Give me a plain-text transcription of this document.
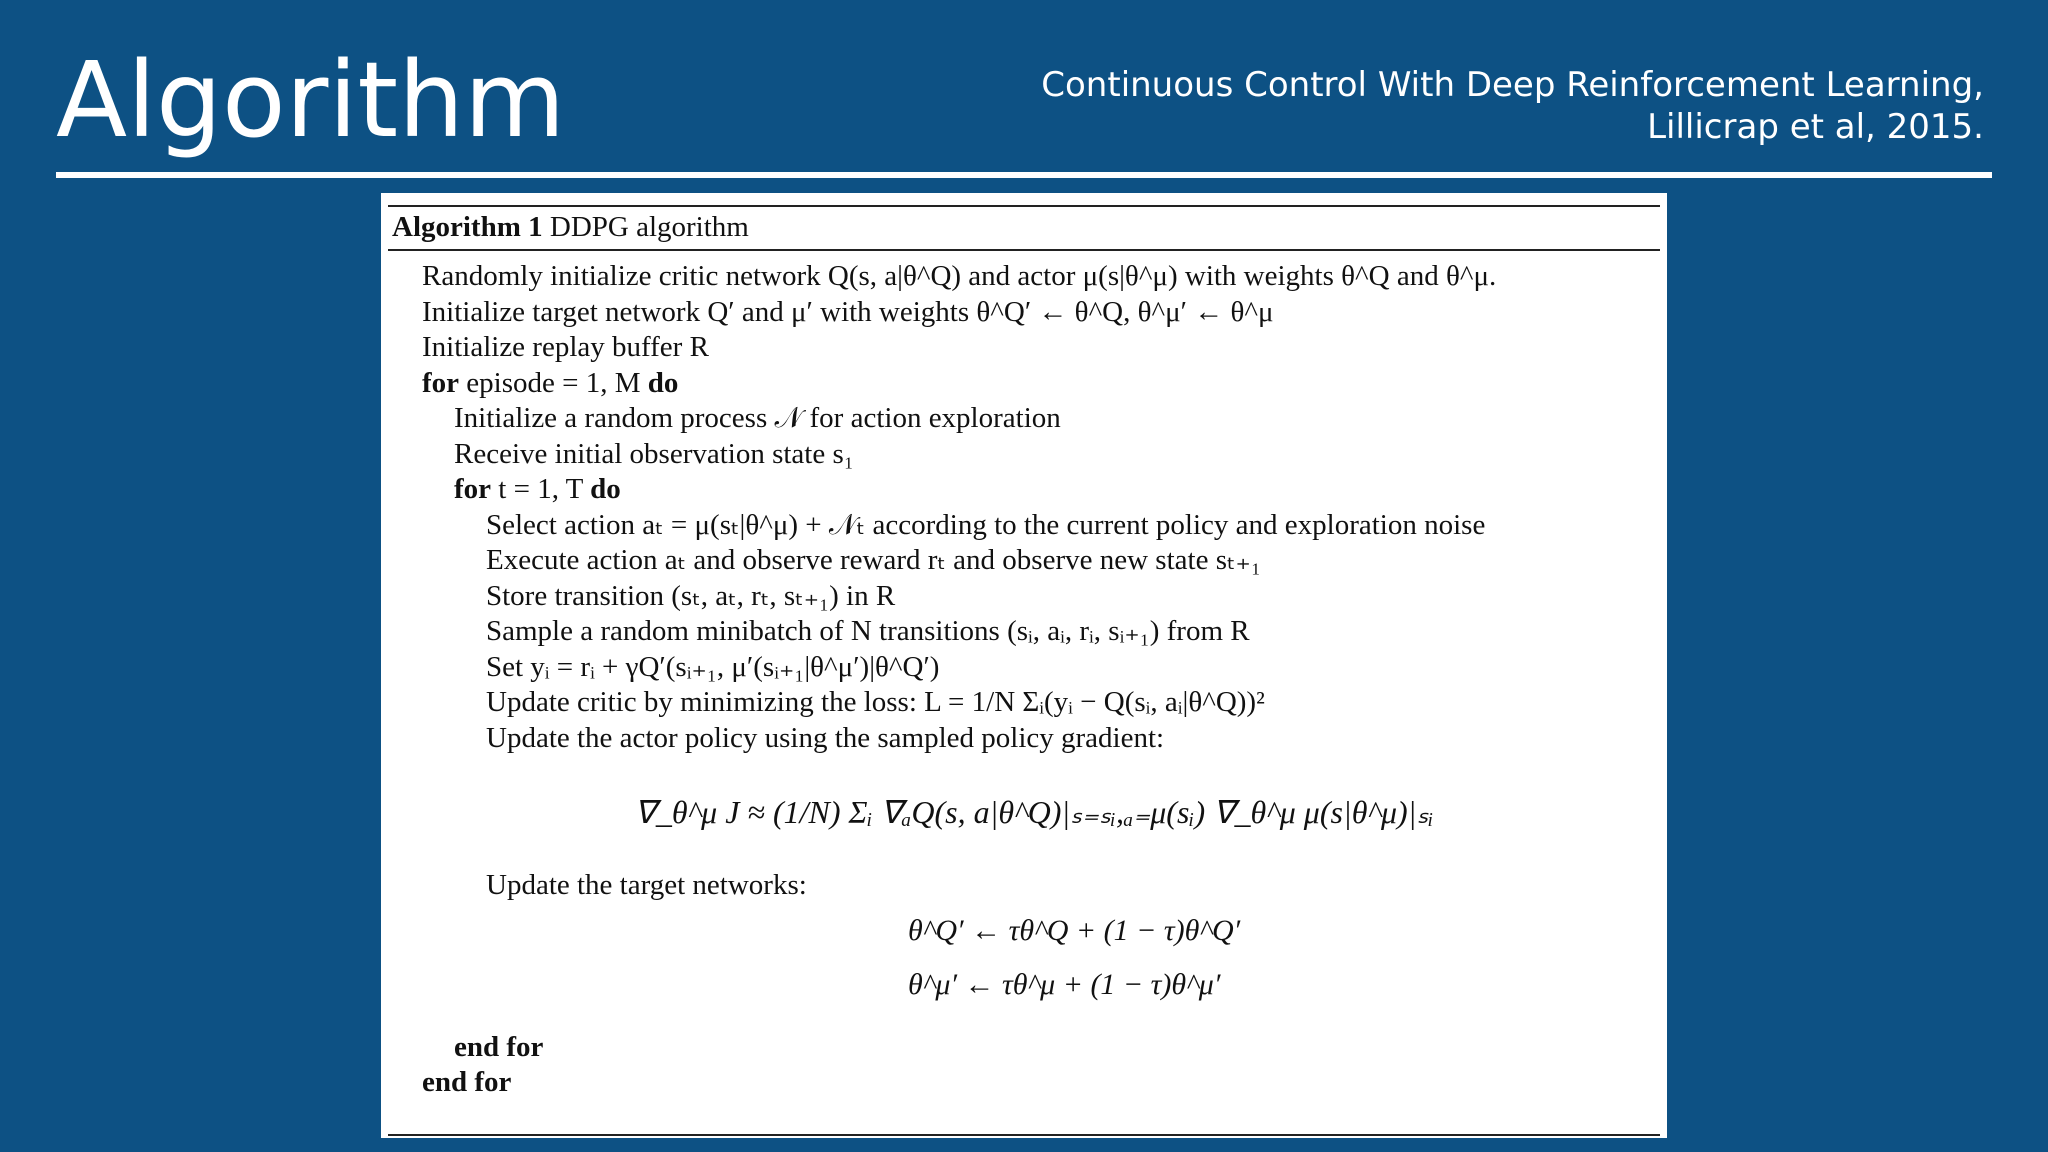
Algorithm	Continuous Control With Deep Reinforcement Learning,
Lillicrap et al, 2015.
Algorithm 1 DDPG algorithm
Randomly initialize critic network Q(s, a|θ^Q) and actor μ(s|θ^μ) with weights θ^Q and θ^μ.
Initialize target network Q′ and μ′ with weights θ^Q′ ← θ^Q, θ^μ′ ← θ^μ
Initialize replay buffer R
for episode = 1, M do
Initialize a random process 𝒩 for action exploration
Receive initial observation state s₁
for t = 1, T do
Select action aₜ = μ(sₜ|θ^μ) + 𝒩ₜ according to the current policy and exploration noise
Execute action aₜ and observe reward rₜ and observe new state sₜ₊₁
Store transition (sₜ, aₜ, rₜ, sₜ₊₁) in R
Sample a random minibatch of N transitions (sᵢ, aᵢ, rᵢ, sᵢ₊₁) from R
Set yᵢ = rᵢ + γQ′(sᵢ₊₁, μ′(sᵢ₊₁|θ^μ′)|θ^Q′)
Update critic by minimizing the loss: L = 1/N Σᵢ(yᵢ − Q(sᵢ, aᵢ|θ^Q))²
Update the actor policy using the sampled policy gradient:
∇_θ^μ J ≈ (1/N) Σᵢ ∇ₐQ(s, a|θ^Q)|ₛ₌ₛᵢ,ₐ₌μ(sᵢ) ∇_θ^μ μ(s|θ^μ)|ₛᵢ
Update the target networks:
θ^Q′ ← τθ^Q + (1 − τ)θ^Q′
θ^μ′ ← τθ^μ + (1 − τ)θ^μ′
end for
end for
